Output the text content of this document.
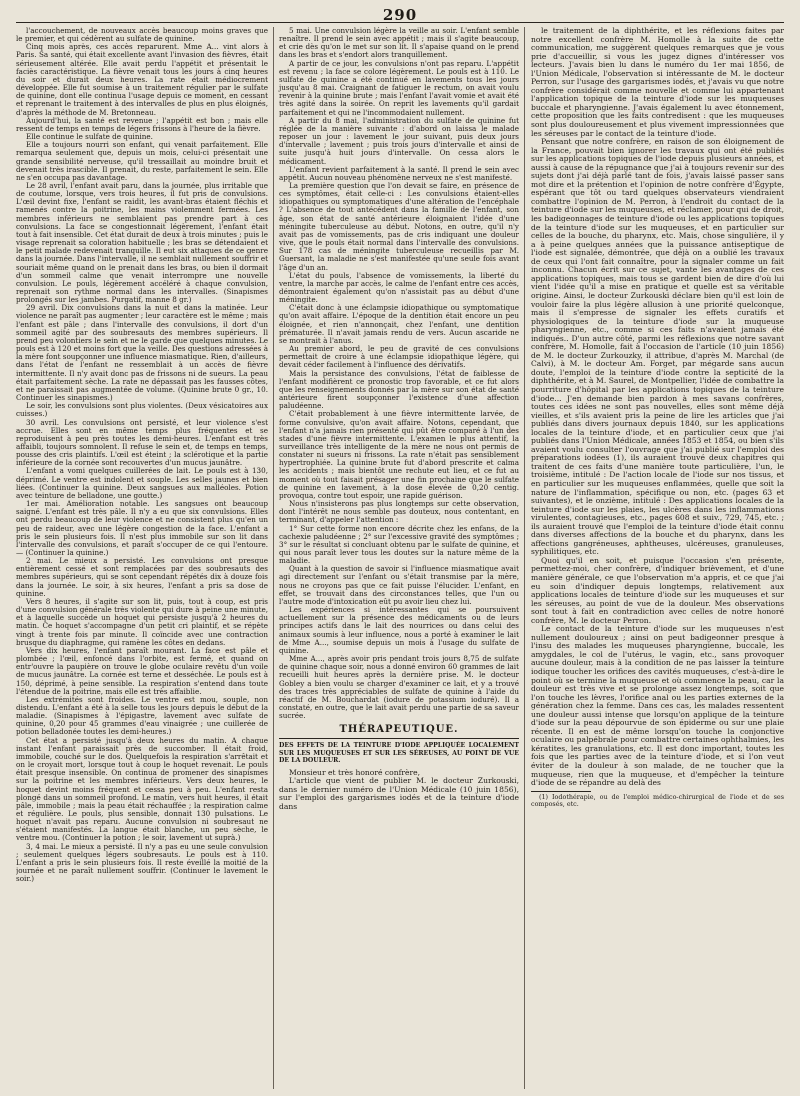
290

l'accouchement, de nouveaux accès beaucoup moins graves que le premier, et qui cédèrent au sulfate de quinine.

Cinq mois après, ces accès reparurent. Mme A... vint alors à Paris. Sa santé, qui était excellente avant l'invasion des fièvres, était sérieusement altérée. Elle avait perdu l'appétit et présentait le faciès caractéristique. La fièvre venait tous les jours à cinq heures du soir et durait deux heures. La rate était médiocrement développée. Elle fut soumise à un traitement régulier par le sulfate de quinine, dont elle continua l'usage depuis ce moment, en cessant et reprenant le traitement à des intervalles de plus en plus éloignés, d'après la méthode de M. Bretonneau.

Aujourd'hui, la santé est revenue ; l'appétit est bon ; mais elle ressent de temps en temps de légers frissons à l'heure de la fièvre.

Elle continue le sulfate de quinine.

Elle a toujours nourri son enfant, qui venait parfaitement. Elle remarqua seulement que, depuis un mois, celui-ci présentait une grande sensibilité nerveuse, qu'il tressaillait au moindre bruit et devenait très irascible. Il prenait, du reste, parfaitement le sein. Elle ne s'en occupa pas davantage.

Le 28 avril, l'enfant avait paru, dans la journée, plus irritable que de coutume, lorsque, vers trois heures, il fut pris de convulsions. L'œil devint fixe, l'enfant se raidit, les avant-bras étaient fléchis et ramenés contre la poitrine, les mains violemment fermées. Les membres inférieurs ne semblaient pas prendre part à ces convulsions. La face se congestionnait légèrement, l'enfant était tout à fait insensible. Cet état durait de deux à trois minutes ; puis le visage reprenait sa coloration habituelle ; les bras se détendaient et le petit malade redevenait tranquille. Il eut six attaques de ce genre dans la journée. Dans l'intervalle, il ne semblait nullement souffrir et souriait même quand on le prenait dans les bras, ou bien il dormait d'un sommeil calme que venait interrompre une nouvelle convulsion. Le pouls, légèrement accéléré à chaque convulsion, reprenait son rythme normal dans les intervalles. (Sinapismes prolongés sur les jambes. Purgatif, manne 8 gr.)

29 avril. Dix convulsions dans la nuit et dans la matinée. Leur violence ne paraît pas augmenter ; leur caractère est le même ; mais l'enfant est pâle ; dans l'intervalle des convulsions, il dort d'un sommeil agité par des soubresauts des membres supérieurs. Il prend peu volontiers le sein et ne le garde que quelques minutes. Le pouls est à 120 et moins fort que la veille. Des questions adressées à la mère font soupçonner une influence miasmatique. Rien, d'ailleurs, dans l'état de l'enfant ne ressemblait à un accès de fièvre intermittente. Il n'y avait donc pas de frissons ni de sueurs. La peau était parfaitement sèche. La rate ne dépassait pas les fausses côtes, et ne paraissait pas augmentée de volume. (Quinine brute 0 gr., 10. Continuer les sinapismes.)

Le soir, les convulsions sont plus violentes. (Deux vésicatoires aux cuisses.)

30 avril. Les convulsions ont persisté, et leur violence s'est accrue. Elles sont en même temps plus fréquentes et se reproduisent à peu près toutes les demi-heures. L'enfant est très affaibli, toujours somnolent. Il refuse le sein et, de temps en temps, pousse des cris plaintifs. L'œil est éteint ; la sclérotique et la partie inférieure de la cornée sont recouvertes d'un mucus jaunâtre.

L'enfant a vomi quelques cuillerées de lait. Le pouls est à 130, déprimé. Le ventre est indolent et souple. Les selles jaunes et bien liées. (Continuer la quinine. Deux sangsues aux malléoles. Potion avec teinture de belladone, une goutte.)

1er mai. Amélioration notable. Les sangsues ont beaucoup saigné. L'enfant est très pâle. Il n'y a eu que six convulsions. Elles ont perdu beaucoup de leur violence et ne consistent plus qu'en un peu de raideur, avec une légère congestion de la face. L'enfant a pris le sein plusieurs fois. Il n'est plus immobile sur son lit dans l'intervalle des convulsions, et paraît s'occuper de ce qui l'entoure. — (Continuer la quinine.)

2 mai. Le mieux a persisté. Les convulsions ont presque entièrement cessé et sont remplacées par des soubresauts des membres supérieurs, qui se sont cependant répétés dix à douze fois dans la journée. Le soir, à six heures, l'enfant a pris sa dose de quinine.

Vers 8 heures, il s'agite sur son lit, puis, tout à coup, est pris d'une convulsion générale très violente qui dure à peine une minute, et à laquelle succède un hoquet qui persiste jusqu'à 2 heures du matin. Ce hoquet s'accompagne d'un petit cri plaintif, et se répète vingt à trente fois par minute. Il coïncide avec une contraction brusque du diaphragme, qui ramène les côtes en dedans.

Vers dix heures, l'enfant paraît mourant. La face est pâle et plombée ; l'œil, enfoncé dans l'orbite, est fermé, et quand on entr'ouvre la paupière on trouve le globe oculaire revêtu d'un voile de mucus jaunâtre. La cornée est terne et desséchée. Le pouls est à 150, déprimé, à peine sensible. La respiration s'entend dans toute l'étendue de la poitrine, mais elle est très affaiblie.

Les extrémités sont froides. Le ventre est mou, souple, non distendu. L'enfant a été à la selle tous les jours depuis le début de la maladie. (Sinapismes à l'épigastre, lavement avec sulfate de quinine, 0,20 pour 45 grammes d'eau vinaigrée ; une cuillerée de potion belladonée toutes les demi-heures.)

Cet état a persisté jusqu'à deux heures du matin. A chaque instant l'enfant paraissait près de succomber. Il était froid, immobile, couché sur le dos. Quelquefois la respiration s'arrêtait et on le croyait mort, lorsque tout à coup le hoquet revenait. Le pouls était presque insensible. On continua de promener des sinapismes sur la poitrine et les membres inférieurs. Vers deux heures, le hoquet devint moins fréquent et cessa peu à peu. L'enfant resta plongé dans un sommeil profond. Le matin, vers huit heures, il était pâle, immobile ; mais la peau était réchauffée ; la respiration calme et régulière. Le pouls, plus sensible, donnait 130 pulsations. Le hoquet n'avait pas reparu. Aucune convulsion ni soubresaut ne s'étaient manifestés. La langue était blanche, un peu sèche, le ventre mou. (Continuer la potion ; le soir, lavement ut suprà.)

3, 4 mai. Le mieux a persisté. Il n'y a pas eu une seule convulsion ; seulement quelques légers soubresauts. Le pouls est à 110. L'enfant a pris le sein plusieurs fois. Il reste éveillé la moitié de la journée et ne paraît nullement souffrir. (Continuer le lavement le soir.)

5 mai. Une convulsion légère la veille au soir. L'enfant semble renaître. Il prend le sein avec appétit ; mais il s'agite beaucoup, et crie dès qu'on le met sur son lit. Il s'apaise quand on le prend dans les bras et s'endort alors tranquillement.

A partir de ce jour, les convulsions n'ont pas reparu. L'appétit est revenu ; la face se colore légèrement. Le pouls est à 110. Le sulfate de quinine a été continué en lavements tous les jours jusqu'au 8 mai. Craignant de fatiguer le rectum, on avait voulu revenir à la quinine brute ; mais l'enfant l'avait vomie et avait été très agité dans la soirée. On reprit les lavements qu'il gardait parfaitement et qui ne l'incommodaient nullement.

A partir du 8 mai, l'administration du sulfate de quinine fut réglée de la manière suivante : d'abord on laissa le malade reposer un jour : lavement le jour suivant, puis deux jours d'intervalle ; lavement ; puis trois jours d'intervalle et ainsi de suite jusqu'à huit jours d'intervalle. On cessa alors le médicament.

L'enfant revient parfaitement à la santé. Il prend le sein avec appétit. Aucun nouveau phénomène nerveux ne s'est manifesté.

La première question que l'on devait se faire, en présence de ces symptômes, était celle-ci : Les convulsions étaient-elles idiopathiques ou symptomatiques d'une altération de l'encéphale ? L'absence de tout antécédent dans la famille de l'enfant, son âge, son état de santé antérieure éloignaient l'idée d'une méningite tuberculeuse au début. Notons, en outre, qu'il n'y avait pas de vomissements, pas de cris indiquant une douleur vive, que le pouls était normal dans l'intervalle des convulsions. Sur 178 cas de méningite tuberculeuse recueillis par M. Guersant, la maladie ne s'est manifestée qu'une seule fois avant l'âge d'un an.

L'état du pouls, l'absence de vomissements, la liberté du ventre, la marche par accès, le calme de l'enfant entre ces accès, démontraient également qu'on n'assistait pas au début d'une méningite.

C'était donc à une éclampsie idiopathique ou symptomatique qu'on avait affaire. L'époque de la dentition était encore un peu éloignée, et rien n'annonçait, chez l'enfant, une dentition prématurée. Il n'avait jamais rendu de vers. Aucun ascaride ne se montrait à l'anus.

Au premier abord, le peu de gravité de ces convulsions permettait de croire à une éclampsie idiopathique légère, qui devait céder facilement à l'influence des dérivatifs.

Mais la persistance des convulsions, l'état de faiblesse de l'enfant modifièrent ce pronostic trop favorable, et ce fut alors que les renseignements donnés par la mère sur son état de santé antérieure firent soupçonner l'existence d'une affection paludéenne.

C'était probablement à une fièvre intermittente larvée, de forme convulsive, qu'on avait affaire. Notons, cependant, que l'enfant n'a jamais rien présenté qui pût être comparé à l'un des stades d'une fièvre intermittente. L'examen le plus attentif, la surveillance très intelligente de la mère ne nous ont permis de constater ni sueurs ni frissons. La rate n'était pas sensiblement hypertrophiée. La quinine brute fut d'abord prescrite et calma les accidents ; mais bientôt une rechute eut lieu, et ce fut au moment où tout faisait présager une fin prochaine que le sulfate de quinine en lavement, à la dose élevée de 0,20 centig. provoqua, contre tout espoir, une rapide guérison.

Nous n'insisterons pas plus longtemps sur cette observation, dont l'intérêt ne nous semble pas douteux, nous contentant, en terminant, d'appeler l'attention :

1° Sur cette forme non encore décrite chez les enfans, de la cachexie paludéenne ; 2° sur l'excessive gravité des symptômes ; 3° sur le résultat si concluant obtenu par le sulfate de quinine, et qui nous paraît lever tous les doutes sur la nature même de la maladie.

Quant à la question de savoir si l'influence miasmatique avait agi directement sur l'enfant ou s'était transmise par la mère, nous ne croyons pas que ce fait puisse l'élucider. L'enfant, en effet, se trouvait dans des circonstances telles, que l'un ou l'autre mode d'intoxication eût pu avoir lieu chez lui.

Les expériences si intéressantes qui se poursuivent actuellement sur la présence des médicaments ou de leurs principes actifs dans le lait des nourrices ou dans celui des animaux soumis à leur influence, nous a porté à examiner le lait de Mme A..., soumise depuis un mois à l'usage du sulfate de quinine.

Mme A..., après avoir pris pendant trois jours 8,75 de sulfate de quinine chaque soir, nous a donné environ 60 grammes de lait recueilli huit heures après la dernière prise. M. le docteur Gobley a bien voulu se charger d'examiner ce lait, et y a trouvé des traces très appréciables de sulfate de quinine à l'aide du réactif de M. Bouchardat (iodure de potassium ioduré). Il a constaté, en outre, que le lait avait perdu une partie de sa saveur sucrée.

THÉRAPEUTIQUE.
DES EFFETS DE LA TEINTURE D'IODE APPLIQUÉE LOCALEMENT SUR LES MUQUEUSES ET SUR LES SÉREUSES, AU POINT DE VUE DE LA DOULEUR.

Monsieur et très honoré confrère,

L'article que vient de publier M. le docteur Zurkouski, dans le dernier numéro de l'Union Médicale (10 juin 1856), sur l'emploi des gargarismes iodés et de la teinture d'iode dans

le traitement de la diphthérite, et les réflexions faites par notre excellent confrère M. Homolle à la suite de cette communication, me suggèrent quelques remarques que je vous prie d'accueillir, si vous les jugez dignes d'intéresser vos lecteurs. J'avais bien lu dans le numéro du 1er mai 1856, de l'Union Médicale, l'observation si intéressante de M. le docteur Perron, sur l'usage des gargarismes iodés, et j'avais vu que notre confrère considérait comme nouvelle et comme lui appartenant l'application topique de la teinture d'iode sur les muqueuses buccale et pharyngienne. J'avais également lu avec étonnement, cette proposition que les faits contredisent : que les muqueuses sont plus douloureusement et plus vivement impressionnées que les séreuses par le contact de la teinture d'iode.

Pensant que notre confrère, en raison de son éloignement de la France, pouvait bien ignorer les travaux qui ont été publiés sur les applications topiques de l'iode depuis plusieurs années, et aussi à cause de la répugnance que j'ai à toujours revenir sur des sujets dont j'ai déjà parlé tant de fois, j'avais laissé passer sans mot dire et la prétention et l'opinion de notre confrère d'Égypte, espérant que tôt ou tard quelques observateurs viendraient combattre l'opinion de M. Perron, à l'endroit du contact de la teinture d'iode sur les muqueuses, et réclamer, pour qui de droit, les badigeonnages de teinture d'iode ou les applications topiques de la teinture d'iode sur les muqueuses, et en particulier sur celles de la bouche, du pharynx, etc. Mais, chose singulière, il y a à peine quelques années que la puissance antiseptique de l'iode est signalée, démontrée, que déjà on a oublié les travaux de ceux qui l'ont fait connaître, pour la signaler comme un fait inconnu. Chacun écrit sur ce sujet, vante les avantages de ces applications topiques, mais tous se gardent bien de dire d'où lui vient l'idée qu'il a mise en pratique et quelle est sa véritable origine. Ainsi, le docteur Zurkouski déclare bien qu'il est loin de vouloir faire la plus légère allusion à une priorité quelconque, mais il s'empresse de signaler les effets curatifs et physiologiques de la teinture d'iode sur la muqueuse pharyngienne, etc., comme si ces faits n'avaient jamais été indiqués.. D'un autre côté, parmi les réflexions que notre savant confrère, M. Homolle, fait à l'occasion de l'article (10 juin 1856) de M. le docteur Zurkouzky, il attribue, d'après M. Marchal (de Calvi), à M. le docteur Am. Forget, par mégarde sans aucun doute, l'emploi de la teinture d'iode contre la septicité de la diphthérite, et à M. Saurel, de Montpellier, l'idée de combattre la pourriture d'hôpital par les applications topiques de la teinture d'iode... J'en demande bien pardon à mes savans confrères, toutes ces idées ne sont pas nouvelles, elles sont même déjà vieilles, et s'ils avaient pris la peine de lire les articles que j'ai publiés dans divers journaux depuis 1840, sur les applications locales de la teinture d'iode, et en particulier ceux que j'ai publiés dans l'Union Médicale, années 1853 et 1854, ou bien s'ils avaient voulu consulter l'ouvrage que j'ai publié sur l'emploi des préparations iodées (1), ils auraient trouvé deux chapitres qui traitent de ces faits d'une manière toute particulière, l'un, le troisième, intitulé : De l'action locale de l'iode sur nos tissus, et en particulier sur les muqueuses enflammées, quelle que soit la nature de l'inflammation, spécifique ou non, etc. (pages 63 et suivantes), et le onzième, intitulé : Des applications locales de la teinture d'iode sur les plaies, les ulcères dans les inflammations virulentes, contagieuses, etc., pages 608 et suiv., 729, 745, etc. ; ils auraient trouvé que l'emploi de la teinture d'iode était connu dans diverses affections de la bouche et du pharynx, dans les affections gangréneuses, aphtheuses, ulcéreuses, granuleuses, syphilitiques, etc.

Quoi qu'il en soit, et puisque l'occasion s'en présente, permettez-moi, cher confrère, d'indiquer brièvement, et d'une manière générale, ce que l'observation m'a appris, et ce que j'ai eu soin d'indiquer depuis longtemps, relativement aux applications locales de teinture d'iode sur les muqueuses et sur les séreuses, au point de vue de la douleur. Mes observations sont tout à fait en contradiction avec celles de notre honoré confrère, M. le docteur Perron.

Le contact de la teinture d'iode sur les muqueuses n'est nullement douloureux ; ainsi on peut badigeonner presque à l'insu des malades les muqueuses pharyngienne, buccale, les amygdales, le col de l'utérus, le vagin, etc., sans provoquer aucune douleur, mais à la condition de ne pas laisser la teinture iodique toucher les orifices des cavités muqueuses, c'est-à-dire le point où se termine la muqueuse et où commence la peau, car la douleur est très vive et se prolonge assez longtemps, soit que l'on touche les lèvres, l'orifice anal ou les parties externes de la génération chez la femme. Dans ces cas, les malades ressentent une douleur aussi intense que lorsqu'on applique de la teinture d'iode sur la peau dépourvue de son épiderme ou sur une plaie récente. Il en est de même lorsqu'on touche la conjonctive oculaire ou palpébrale pour combattre certaines ophthalmies, les kératites, les granulations, etc. Il est donc important, toutes les fois que les parties avec de la teinture d'iode, et si l'on veut éviter de la douleur à son malade, de ne toucher que la muqueuse, rien que la muqueuse, et d'empêcher la teinture d'iode de se répandre au delà des

(1) Iodothérapie, ou de l'emploi médico-chirurgical de l'iode et de ses composés, etc.
